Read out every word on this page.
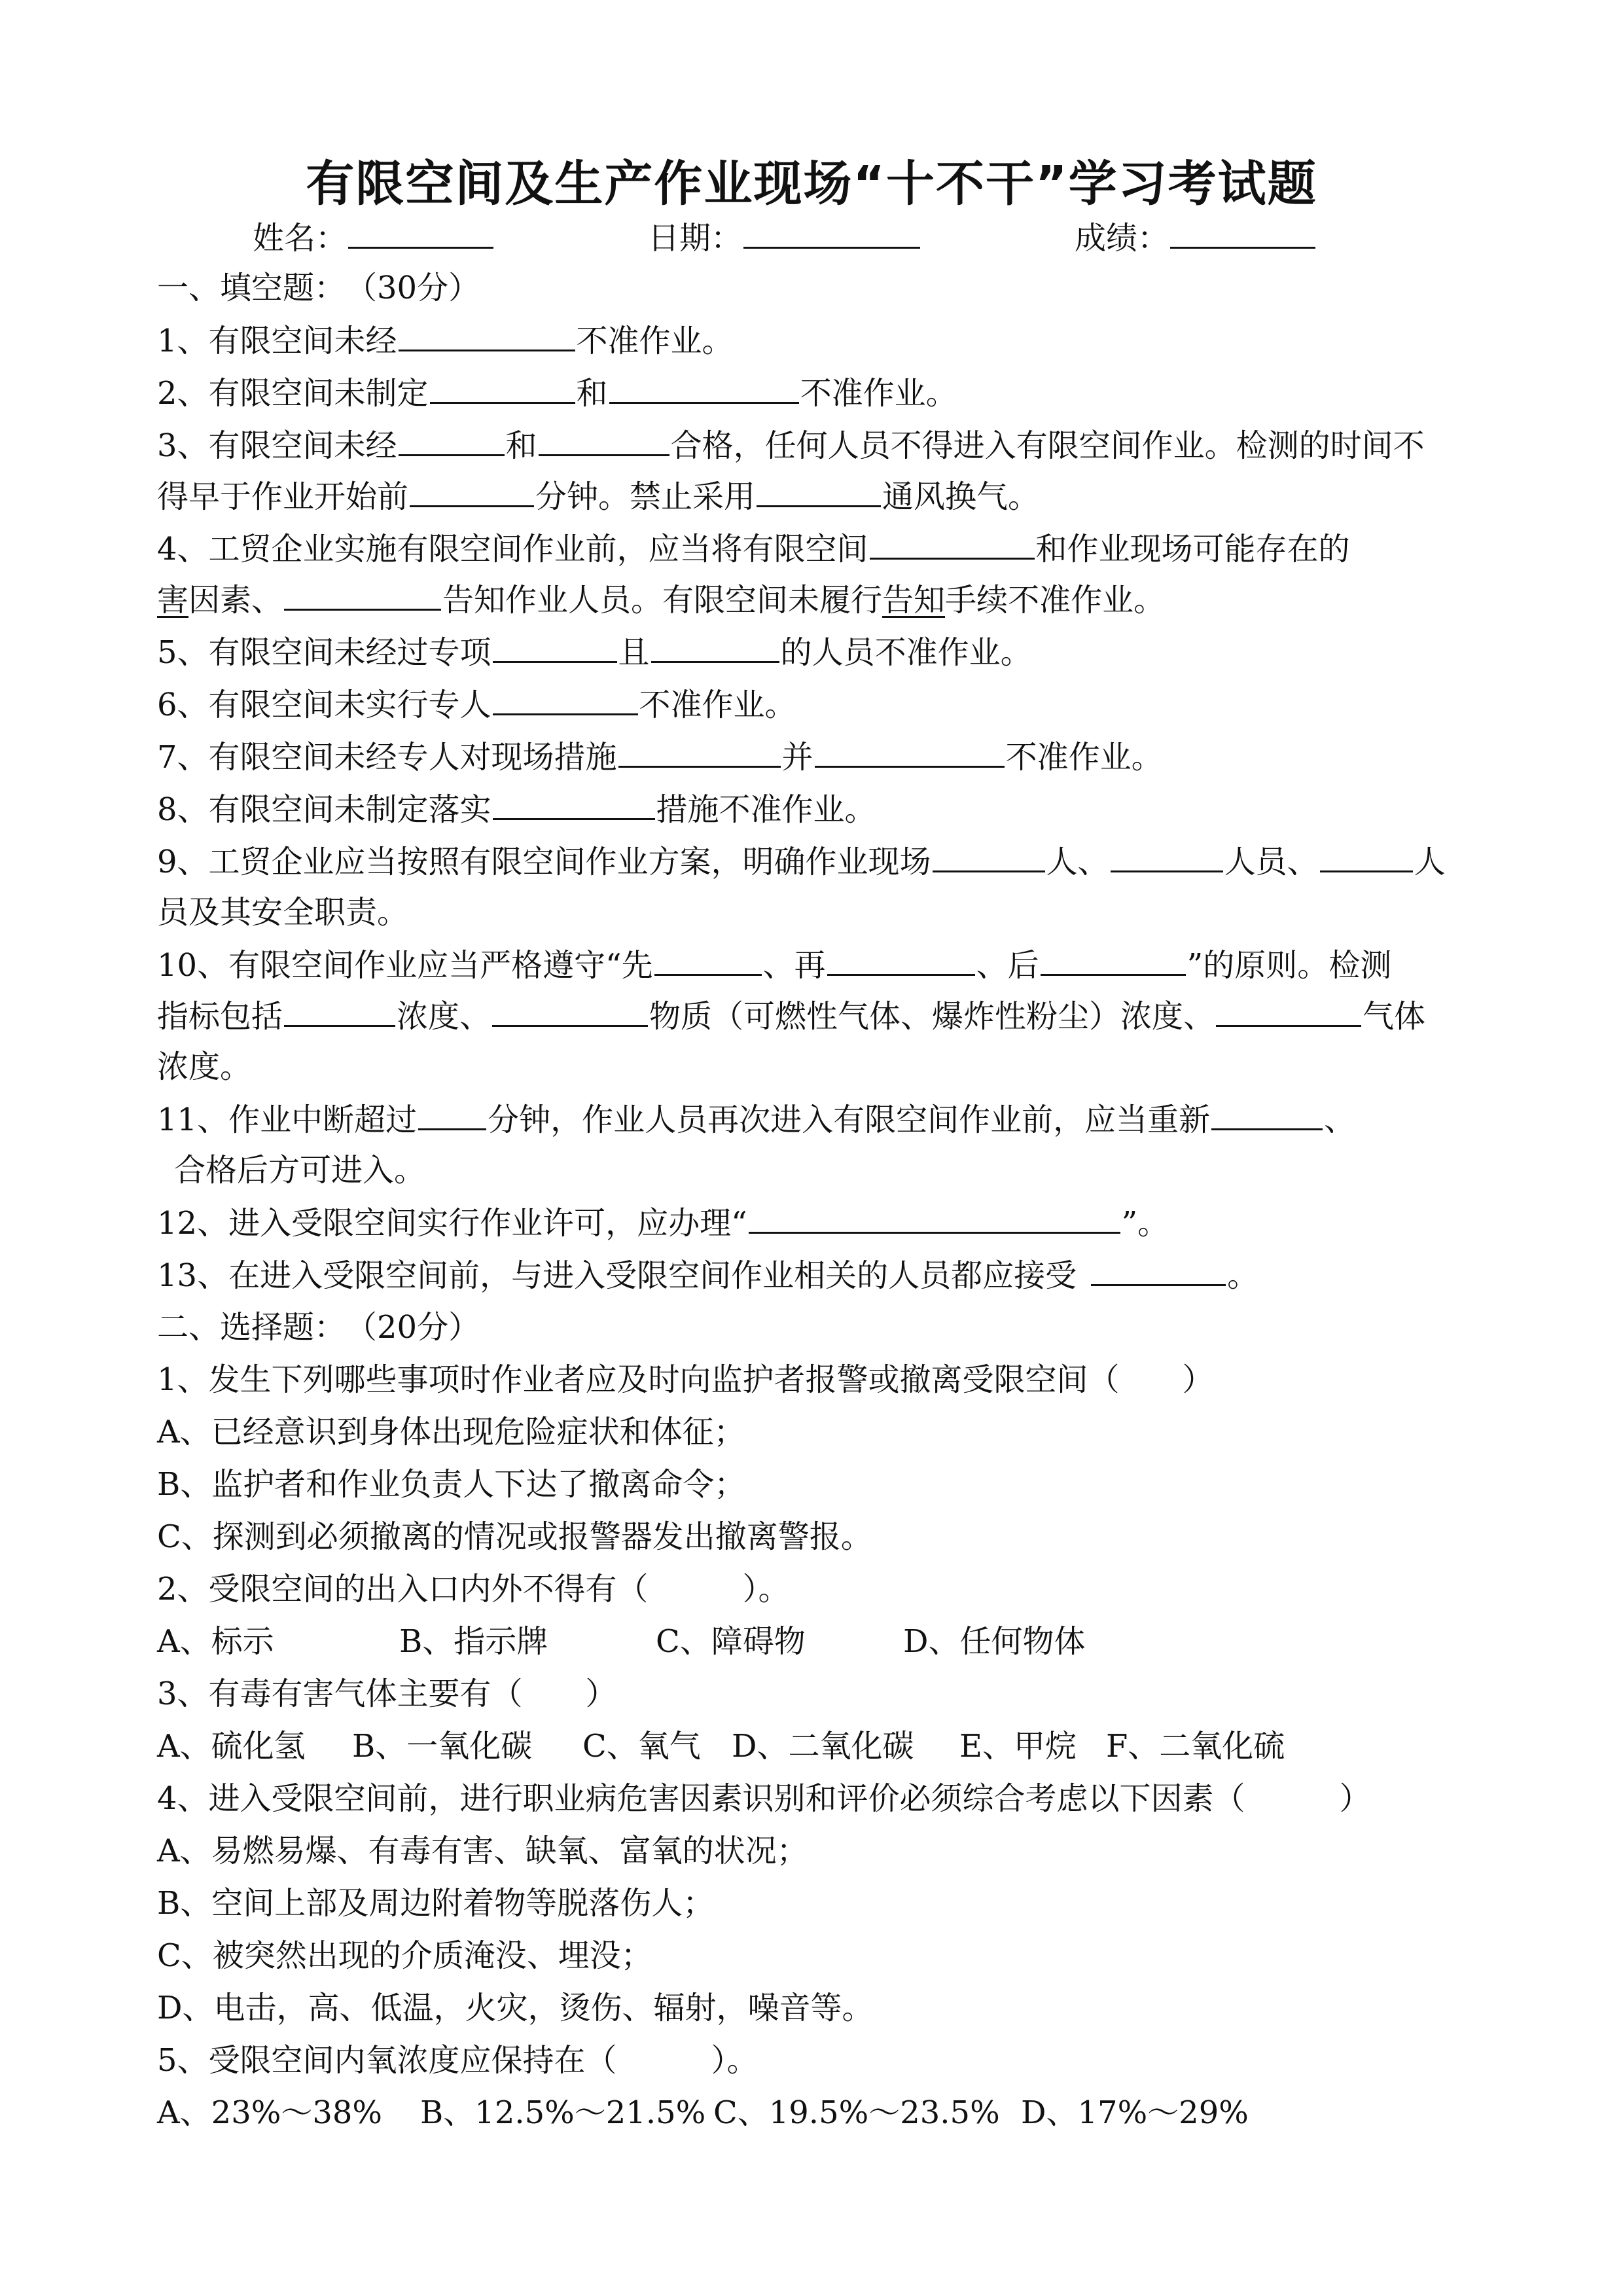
有限空间及生产作业现场“十不干”学习考试题
姓名：	日期：	成绩：
一、填空题：　（30分）
1、有限空间未经	不准作业。
2、有限空间未制定	和	不准作业。
3、有限空间未经	和	合格，任何人员不得进入有限空间作业。检测的时间不
得早于作业开始前	分钟。禁止采用	通风换气。
4、工贸企业实施有限空间作业前，应当将有限空间	和作业现场可能存在的
害因素、	告知作业人员。有限空间未履行告知手续不准作业。
5、有限空间未经过专项	且	的人员不准作业。
6、有限空间未实行专人	不准作业。
7、有限空间未经专人对现场措施	并	不准作业。
8、有限空间未制定落实	措施不准作业。
9、工贸企业应当按照有限空间作业方案，明确作业现场	人、	人员、	人
员及其安全职责。
10、有限空间作业应当严格遵守“先	、再	、后	”的原则。检测
指标包括	浓度、	物质（可燃性气体、爆炸性粉尘）浓度、	气体
浓度。
11、作业中断超过 分钟，作业人员再次进入有限空间作业前，应当重新	、
合格后方可进入。
12、进入受限空间实行作业许可，应办理“	”。
13、在进入受限空间前，与进入受限空间作业相关的人员都应接受	。
二、选择题：　（20分）
1、发生下列哪些事项时作业者应及时向监护者报警或撤离受限空间（　　）
A、已经意识到身体出现危险症状和体征；
B、监护者和作业负责人下达了撤离命令；
C、探测到必须撤离的情况或报警器发出撤离警报。
2、受限空间的出入口内外不得有（　　　）。
A、标示	B、指示牌	C、障碍物	D、任何物体
3、有毒有害气体主要有（　　）
A、硫化氢 B、一氧化碳 C、氧气 D、二氧化碳 E、甲烷 F、二氧化硫
4、进入受限空间前，进行职业病危害因素识别和评价必须综合考虑以下因素（　　　）
A、易燃易爆、有毒有害、缺氧、富氧的状况；
B、空间上部及周边附着物等脱落伤人；
C、被突然出现的介质淹没、埋没；
D、电击，高、低温，火灾，烫伤、辐射，噪音等。
5、受限空间内氧浓度应保持在（　　　）。
A、23%～38% B、12.5%～21.5% C、19.5%～23.5% D、17%～29%
